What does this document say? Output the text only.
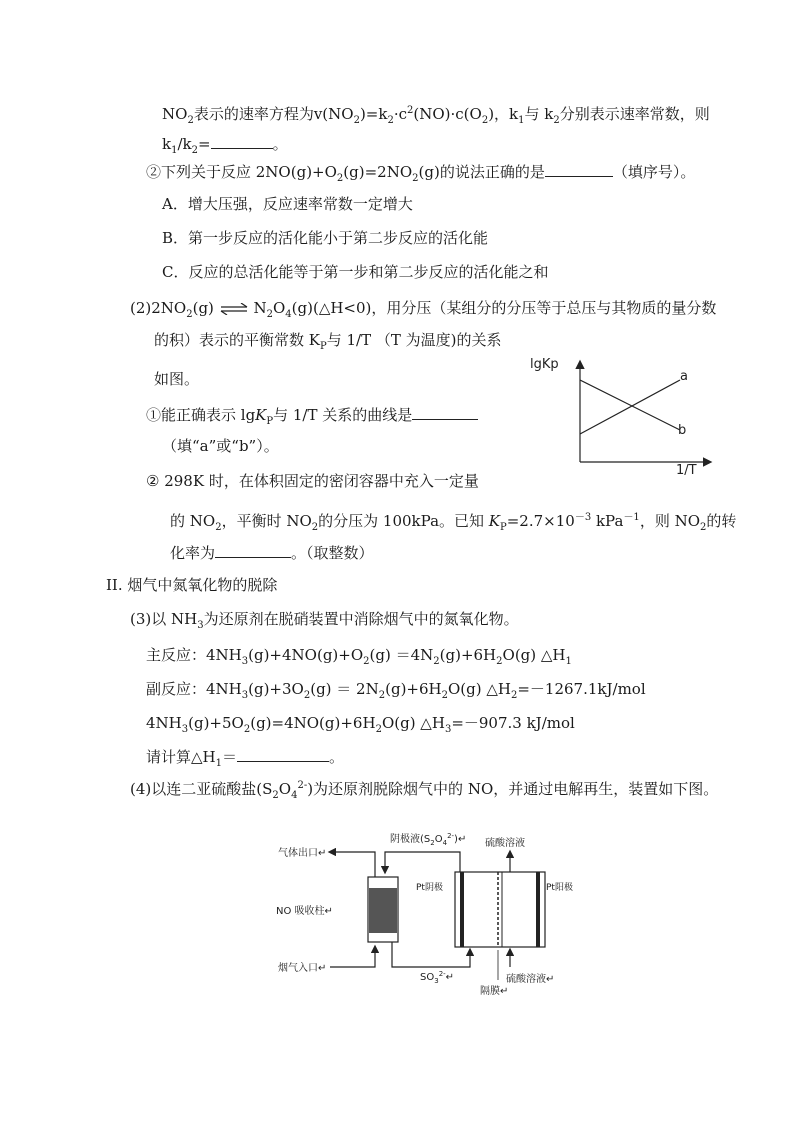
$NO_2$表示的速率方程为$v(NO_2)=k_2\cdot c^2(NO)\cdot c(O_2)$，$k_1$与 $k_2$分别表示速率常数，则
$k_1/k_2=$	。
②下列关于反应 $2NO(g)+O_2(g)=2NO_2(g)$的说法正确的是	（填序号）。
A．增大压强，反应速率常数一定增大
B．第一步反应的活化能小于第二步反应的活化能
C．反应的总活化能等于第一步和第二步反应的活化能之和
$(2)2NO_2(g)$ ⇌ $N_2O_4(g)(\triangle H<0)$，用分压（某组分的分压等于总压与其物质的量分数
的积）表示的平衡常数 $K_P$与 1/T （T 为温度)的关系
如图。
①能正确表示 lgK$_P$与 1/T 关系的曲线是
（填“a”或“b”）。
② 298K 时，在体积固定的密闭容器中充入一定量
的 $NO_2$，平衡时 $NO_2$的分压为 100kPa。已知 $K_P=2.7\times 10^{-3}$ kPa$^{-1}$，则 $NO_2$的转
化率为	。（取整数）
II. 烟气中氮氧化物的脱除
(3)以 $NH_3$为还原剂在脱硝装置中消除烟气中的氮氧化物。
主反应：$4NH_3(g)+4NO(g)+O_2(g) =4N_2(g)+6H_2O(g)$ $\triangle H_1$
副反应：$4NH_3(g)+3O_2(g) = 2N_2(g)+6H_2O(g)$ $\triangle H_2=-1267.1kJ$/mol
$4NH_3(g)+5O_2(g)=4NO(g)+6H_2O(g)$ $\triangle H_3=-907.3$ kJ/mol
请计算$\triangle H_1=$	。
(4)以连二亚硫酸盐$(S_2O_4^{2-})$为还原剂脱除烟气中的 NO，并通过电解再生，装置如下图。
lgKp
1/T
a
b
气体出口↵
NO 吸收柱↵
烟气入口↵
阴极液$(S_2O_4^{2-})↵$ 硫酸溶液
Pt阴极	Pt阳极
$SO_3^{2-}↵$	硫酸溶液↵
隔膜↵
